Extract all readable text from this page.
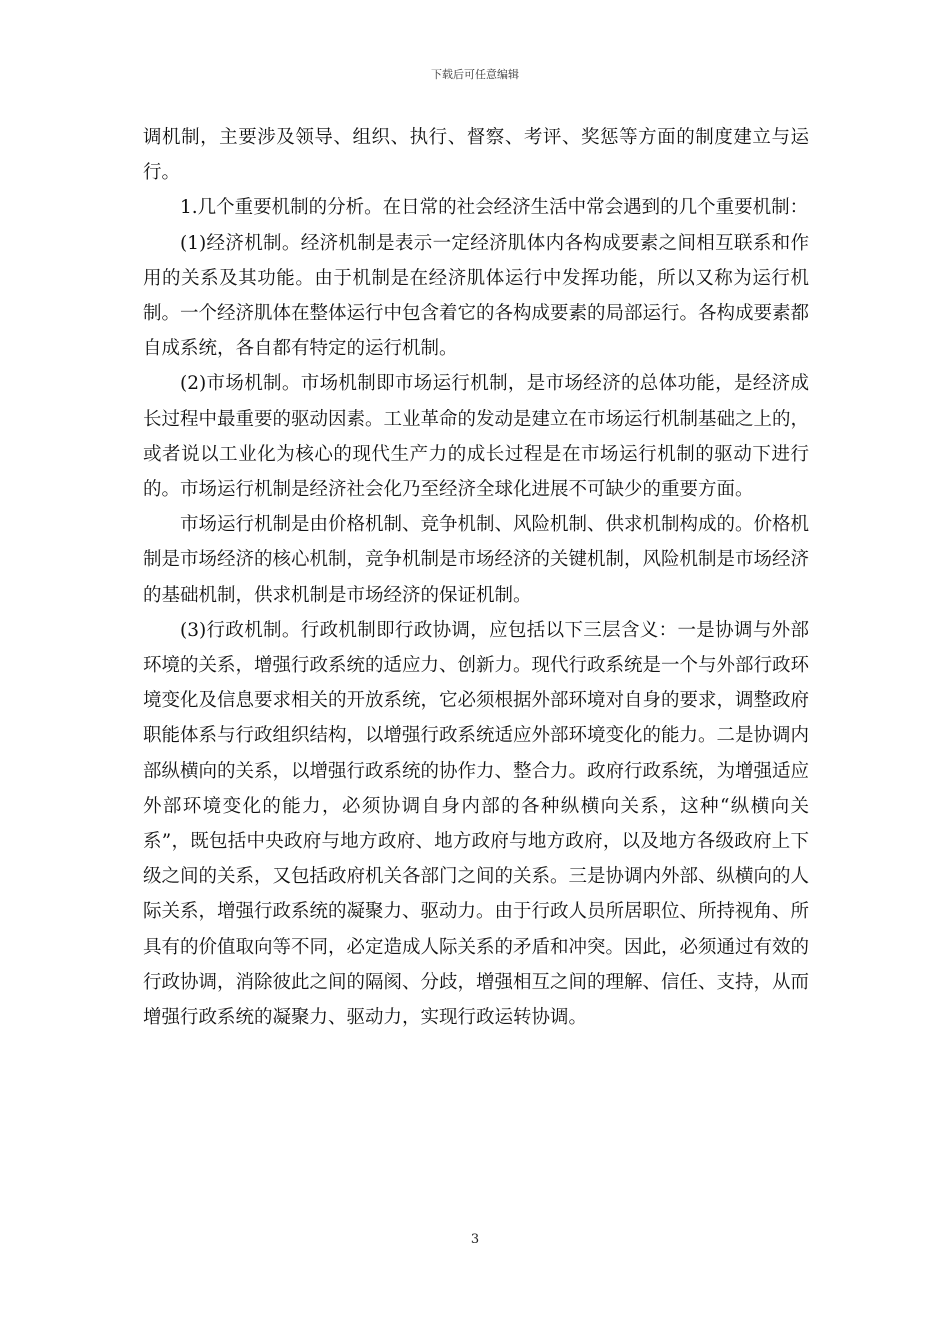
下载后可任意编辑

调机制，主要涉及领导、组织、执行、督察、考评、奖惩等方面的制度建立与运行。

1.几个重要机制的分析。在日常的社会经济生活中常会遇到的几个重要机制：

(1)经济机制。经济机制是表示一定经济肌体内各构成要素之间相互联系和作用的关系及其功能。由于机制是在经济肌体运行中发挥功能，所以又称为运行机制。一个经济肌体在整体运行中包含着它的各构成要素的局部运行。各构成要素都自成系统，各自都有特定的运行机制。

(2)市场机制。市场机制即市场运行机制，是市场经济的总体功能，是经济成长过程中最重要的驱动因素。工业革命的发动是建立在市场运行机制基础之上的，或者说以工业化为核心的现代生产力的成长过程是在市场运行机制的驱动下进行的。市场运行机制是经济社会化乃至经济全球化进展不可缺少的重要方面。

市场运行机制是由价格机制、竞争机制、风险机制、供求机制构成的。价格机制是市场经济的核心机制，竞争机制是市场经济的关键机制，风险机制是市场经济的基础机制，供求机制是市场经济的保证机制。

(3)行政机制。行政机制即行政协调，应包括以下三层含义：一是协调与外部环境的关系，增强行政系统的适应力、创新力。现代行政系统是一个与外部行政环境变化及信息要求相关的开放系统，它必须根据外部环境对自身的要求，调整政府职能体系与行政组织结构，以增强行政系统适应外部环境变化的能力。二是协调内部纵横向的关系，以增强行政系统的协作力、整合力。政府行政系统，为增强适应外部环境变化的能力，必须协调自身内部的各种纵横向关系，这种“纵横向关系”，既包括中央政府与地方政府、地方政府与地方政府，以及地方各级政府上下级之间的关系，又包括政府机关各部门之间的关系。三是协调内外部、纵横向的人际关系，增强行政系统的凝聚力、驱动力。由于行政人员所居职位、所持视角、所具有的价值取向等不同，必定造成人际关系的矛盾和冲突。因此，必须通过有效的行政协调，消除彼此之间的隔阂、分歧，增强相互之间的理解、信任、支持，从而增强行政系统的凝聚力、驱动力，实现行政运转协调。

3
